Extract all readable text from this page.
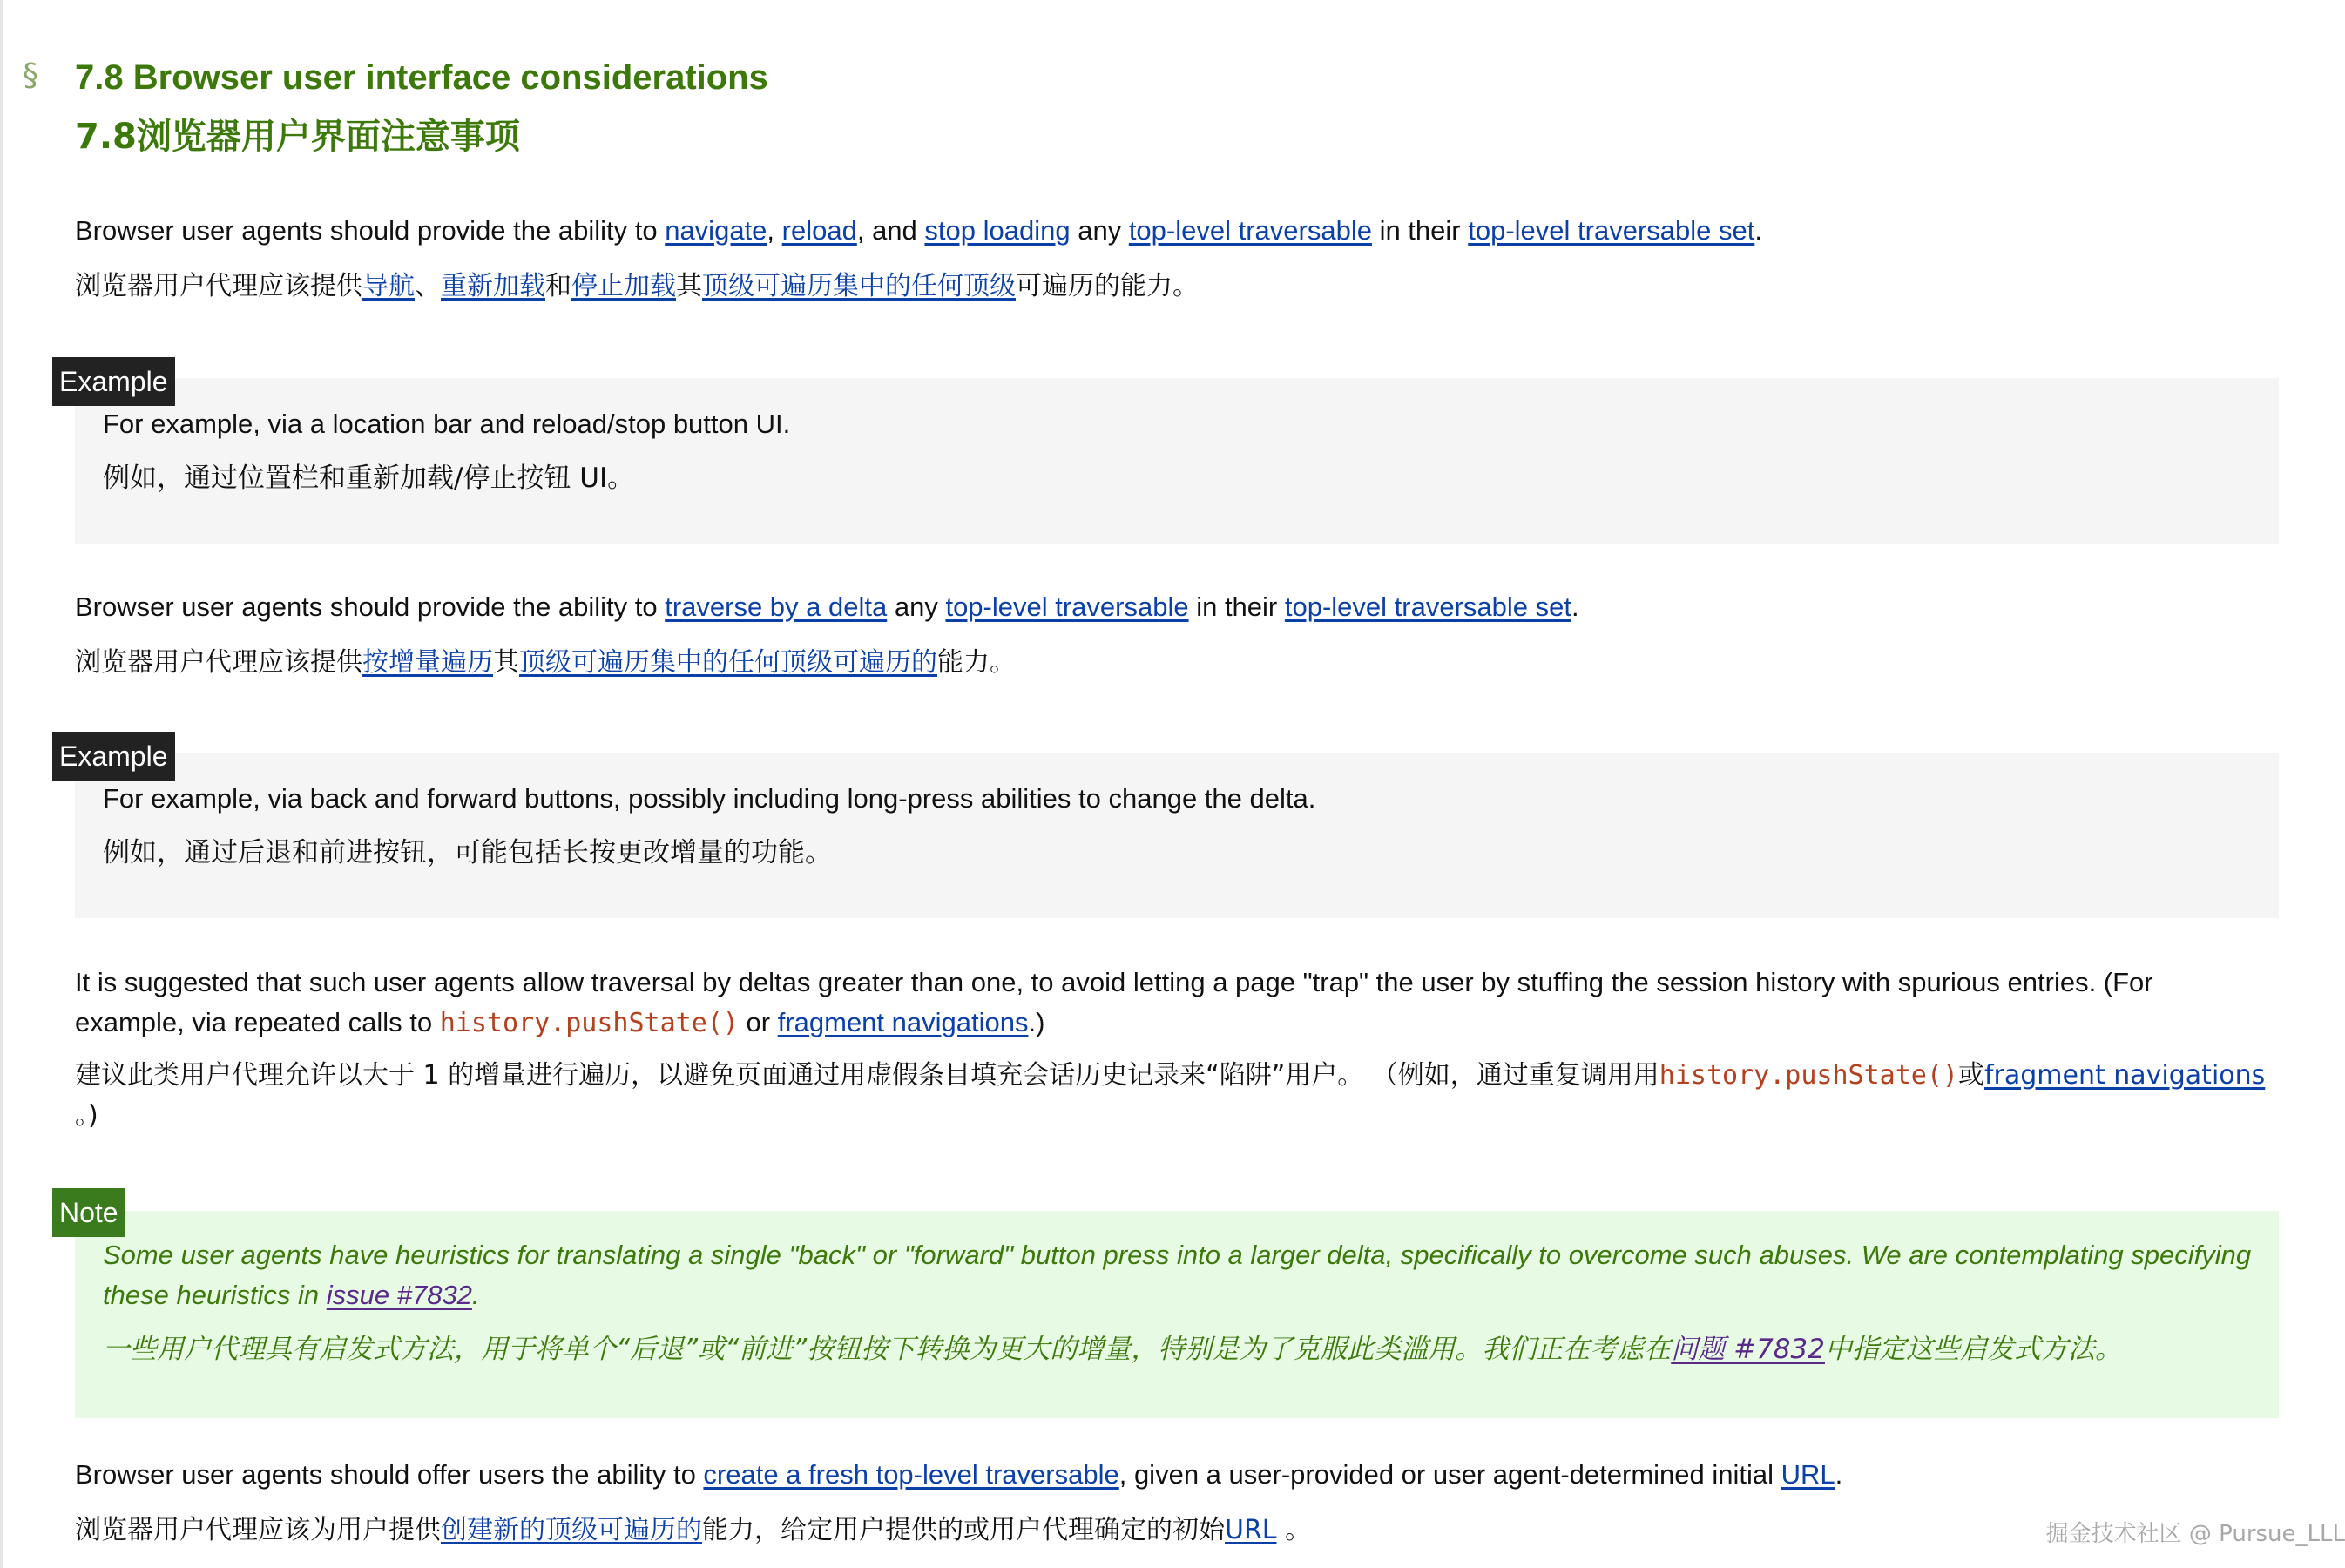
§ 7.8 Browser user interface considerations
7.8浏览器用户界面注意事项
Browser user agents should provide the ability to navigate, reload, and stop loading any top-level traversable in their top-level traversable set.
浏览器用户代理应该提供导航、重新加载和停止加载其顶级可遍历集中的任何顶级可遍历的能力。
Example
For example, via a location bar and reload/stop button UI.
例如，通过位置栏和重新加载/停止按钮 UI。
Browser user agents should provide the ability to traverse by a delta any top-level traversable in their top-level traversable set.
浏览器用户代理应该提供按增量遍历其顶级可遍历集中的任何顶级可遍历的能力。
Example
For example, via back and forward buttons, possibly including long-press abilities to change the delta.
例如，通过后退和前进按钮，可能包括长按更改增量的功能。
It is suggested that such user agents allow traversal by deltas greater than one, to avoid letting a page "trap" the user by stuffing the session history with spurious entries. (For example, via repeated calls to history.pushState() or fragment navigations.)
建议此类用户代理允许以大于 1 的增量进行遍历，以避免页面通过用虚假条目填充会话历史记录来“陷阱”用户。 （例如，通过重复调用用history.pushState()或fragment navigations 。)
Note
Some user agents have heuristics for translating a single "back" or "forward" button press into a larger delta, specifically to overcome such abuses. We are contemplating specifying these heuristics in issue #7832.
一些用户代理具有启发式方法，用于将单个“后退”或“前进”按钮按下转换为更大的增量，特别是为了克服此类滥用。我们正在考虑在问题 #7832中指定这些启发式方法。
Browser user agents should offer users the ability to create a fresh top-level traversable, given a user-provided or user agent-determined initial URL.
浏览器用户代理应该为用户提供创建新的顶级可遍历的能力，给定用户提供的或用户代理确定的初始URL 。	掘金技术社区 @ Pursue_LLL
